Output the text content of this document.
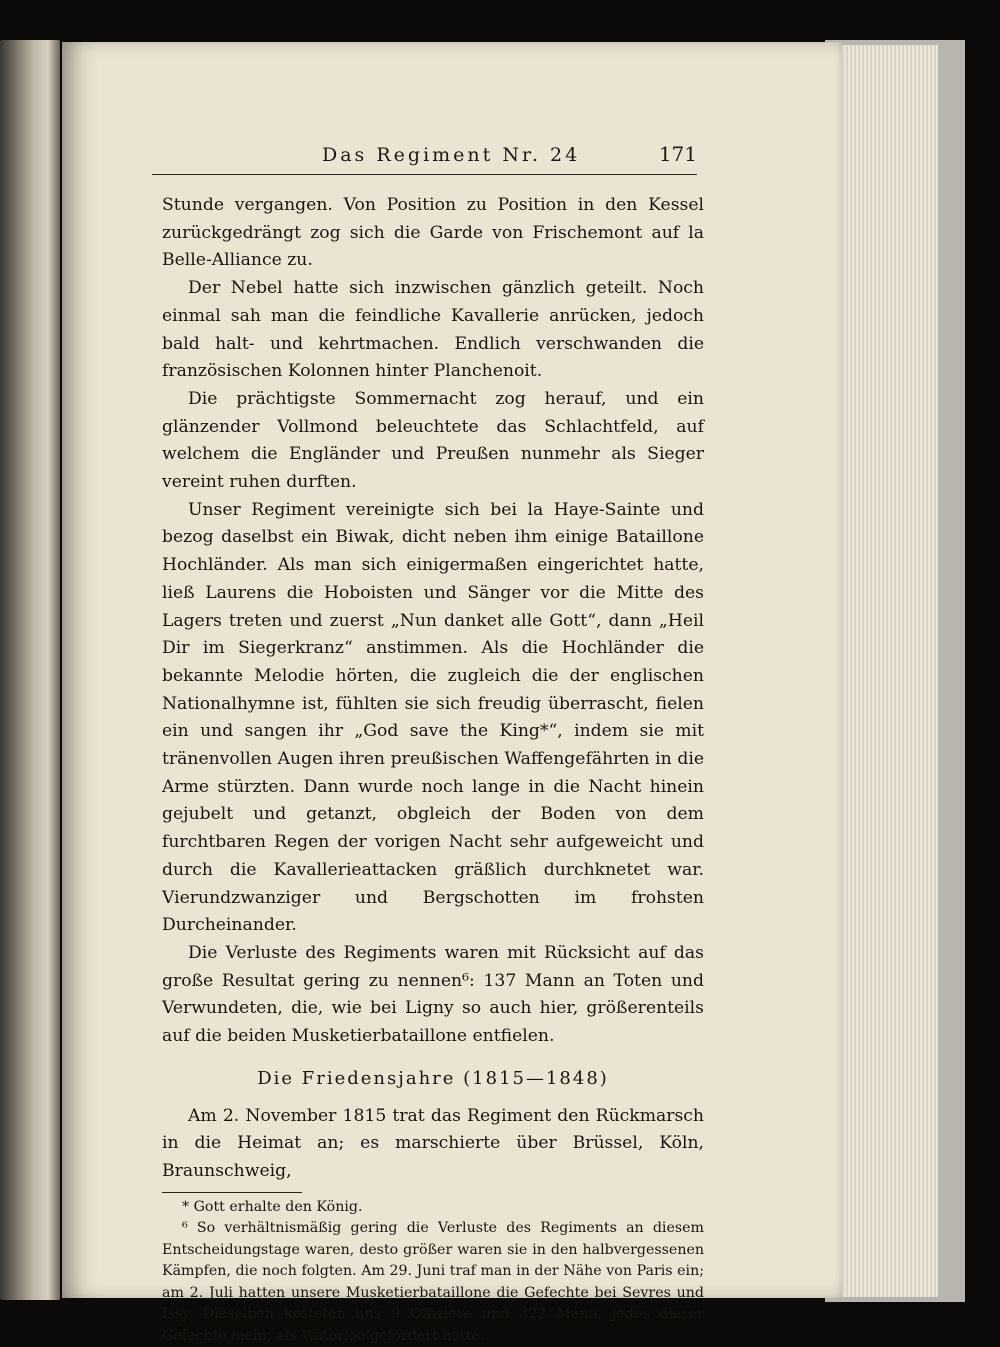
Das Regiment Nr. 24	171

Stunde vergangen. Von Position zu Position in den Kessel zurückgedrängt zog sich die Garde von Frischemont auf la Belle-Alliance zu.

Der Nebel hatte sich inzwischen gänzlich geteilt. Noch einmal sah man die feindliche Kavallerie anrücken, jedoch bald halt- und kehrtmachen. Endlich verschwanden die französischen Kolonnen hinter Planchenoit.

Die prächtigste Sommernacht zog herauf, und ein glänzender Vollmond beleuchtete das Schlachtfeld, auf welchem die Engländer und Preußen nunmehr als Sieger vereint ruhen durften.

Unser Regiment vereinigte sich bei la Haye-Sainte und bezog daselbst ein Biwak, dicht neben ihm einige Bataillone Hochländer. Als man sich einigermaßen eingerichtet hatte, ließ Laurens die Hoboisten und Sänger vor die Mitte des Lagers treten und zuerst „Nun danket alle Gott“, dann „Heil Dir im Siegerkranz“ anstimmen. Als die Hochländer die bekannte Melodie hörten, die zugleich die der englischen Nationalhymne ist, fühlten sie sich freudig überrascht, fielen ein und sangen ihr „God save the King*“, indem sie mit tränenvollen Augen ihren preußischen Waffengefährten in die Arme stürzten. Dann wurde noch lange in die Nacht hinein gejubelt und getanzt, obgleich der Boden von dem furchtbaren Regen der vorigen Nacht sehr aufgeweicht und durch die Kavallerieattacken gräßlich durchknetet war. Vierundzwanziger und Bergschotten im frohsten Durcheinander.

Die Verluste des Regiments waren mit Rücksicht auf das große Resultat gering zu nennen⁶: 137 Mann an Toten und Verwundeten, die, wie bei Ligny so auch hier, größerenteils auf die beiden Musketierbataillone entfielen.

Die Friedensjahre (1815—1848)

Am 2. November 1815 trat das Regiment den Rückmarsch in die Heimat an; es marschierte über Brüssel, Köln, Braunschweig,

* Gott erhalte den König.

⁶ So verhältnismäßig gering die Verluste des Regiments an diesem Entscheidungstage waren, desto größer waren sie in den halbvergessenen Kämpfen, die noch folgten. Am 29. Juni traf man in der Nähe von Paris ein; am 2. Juli hatten unsere Musketierbataillone die Gefechte bei Sevres und Issy. Dieselben kosteten uns 9 Offiziere und 322 Mann, jedes dieser Gefechte mehr, als Waterloo gefordert hatte.
